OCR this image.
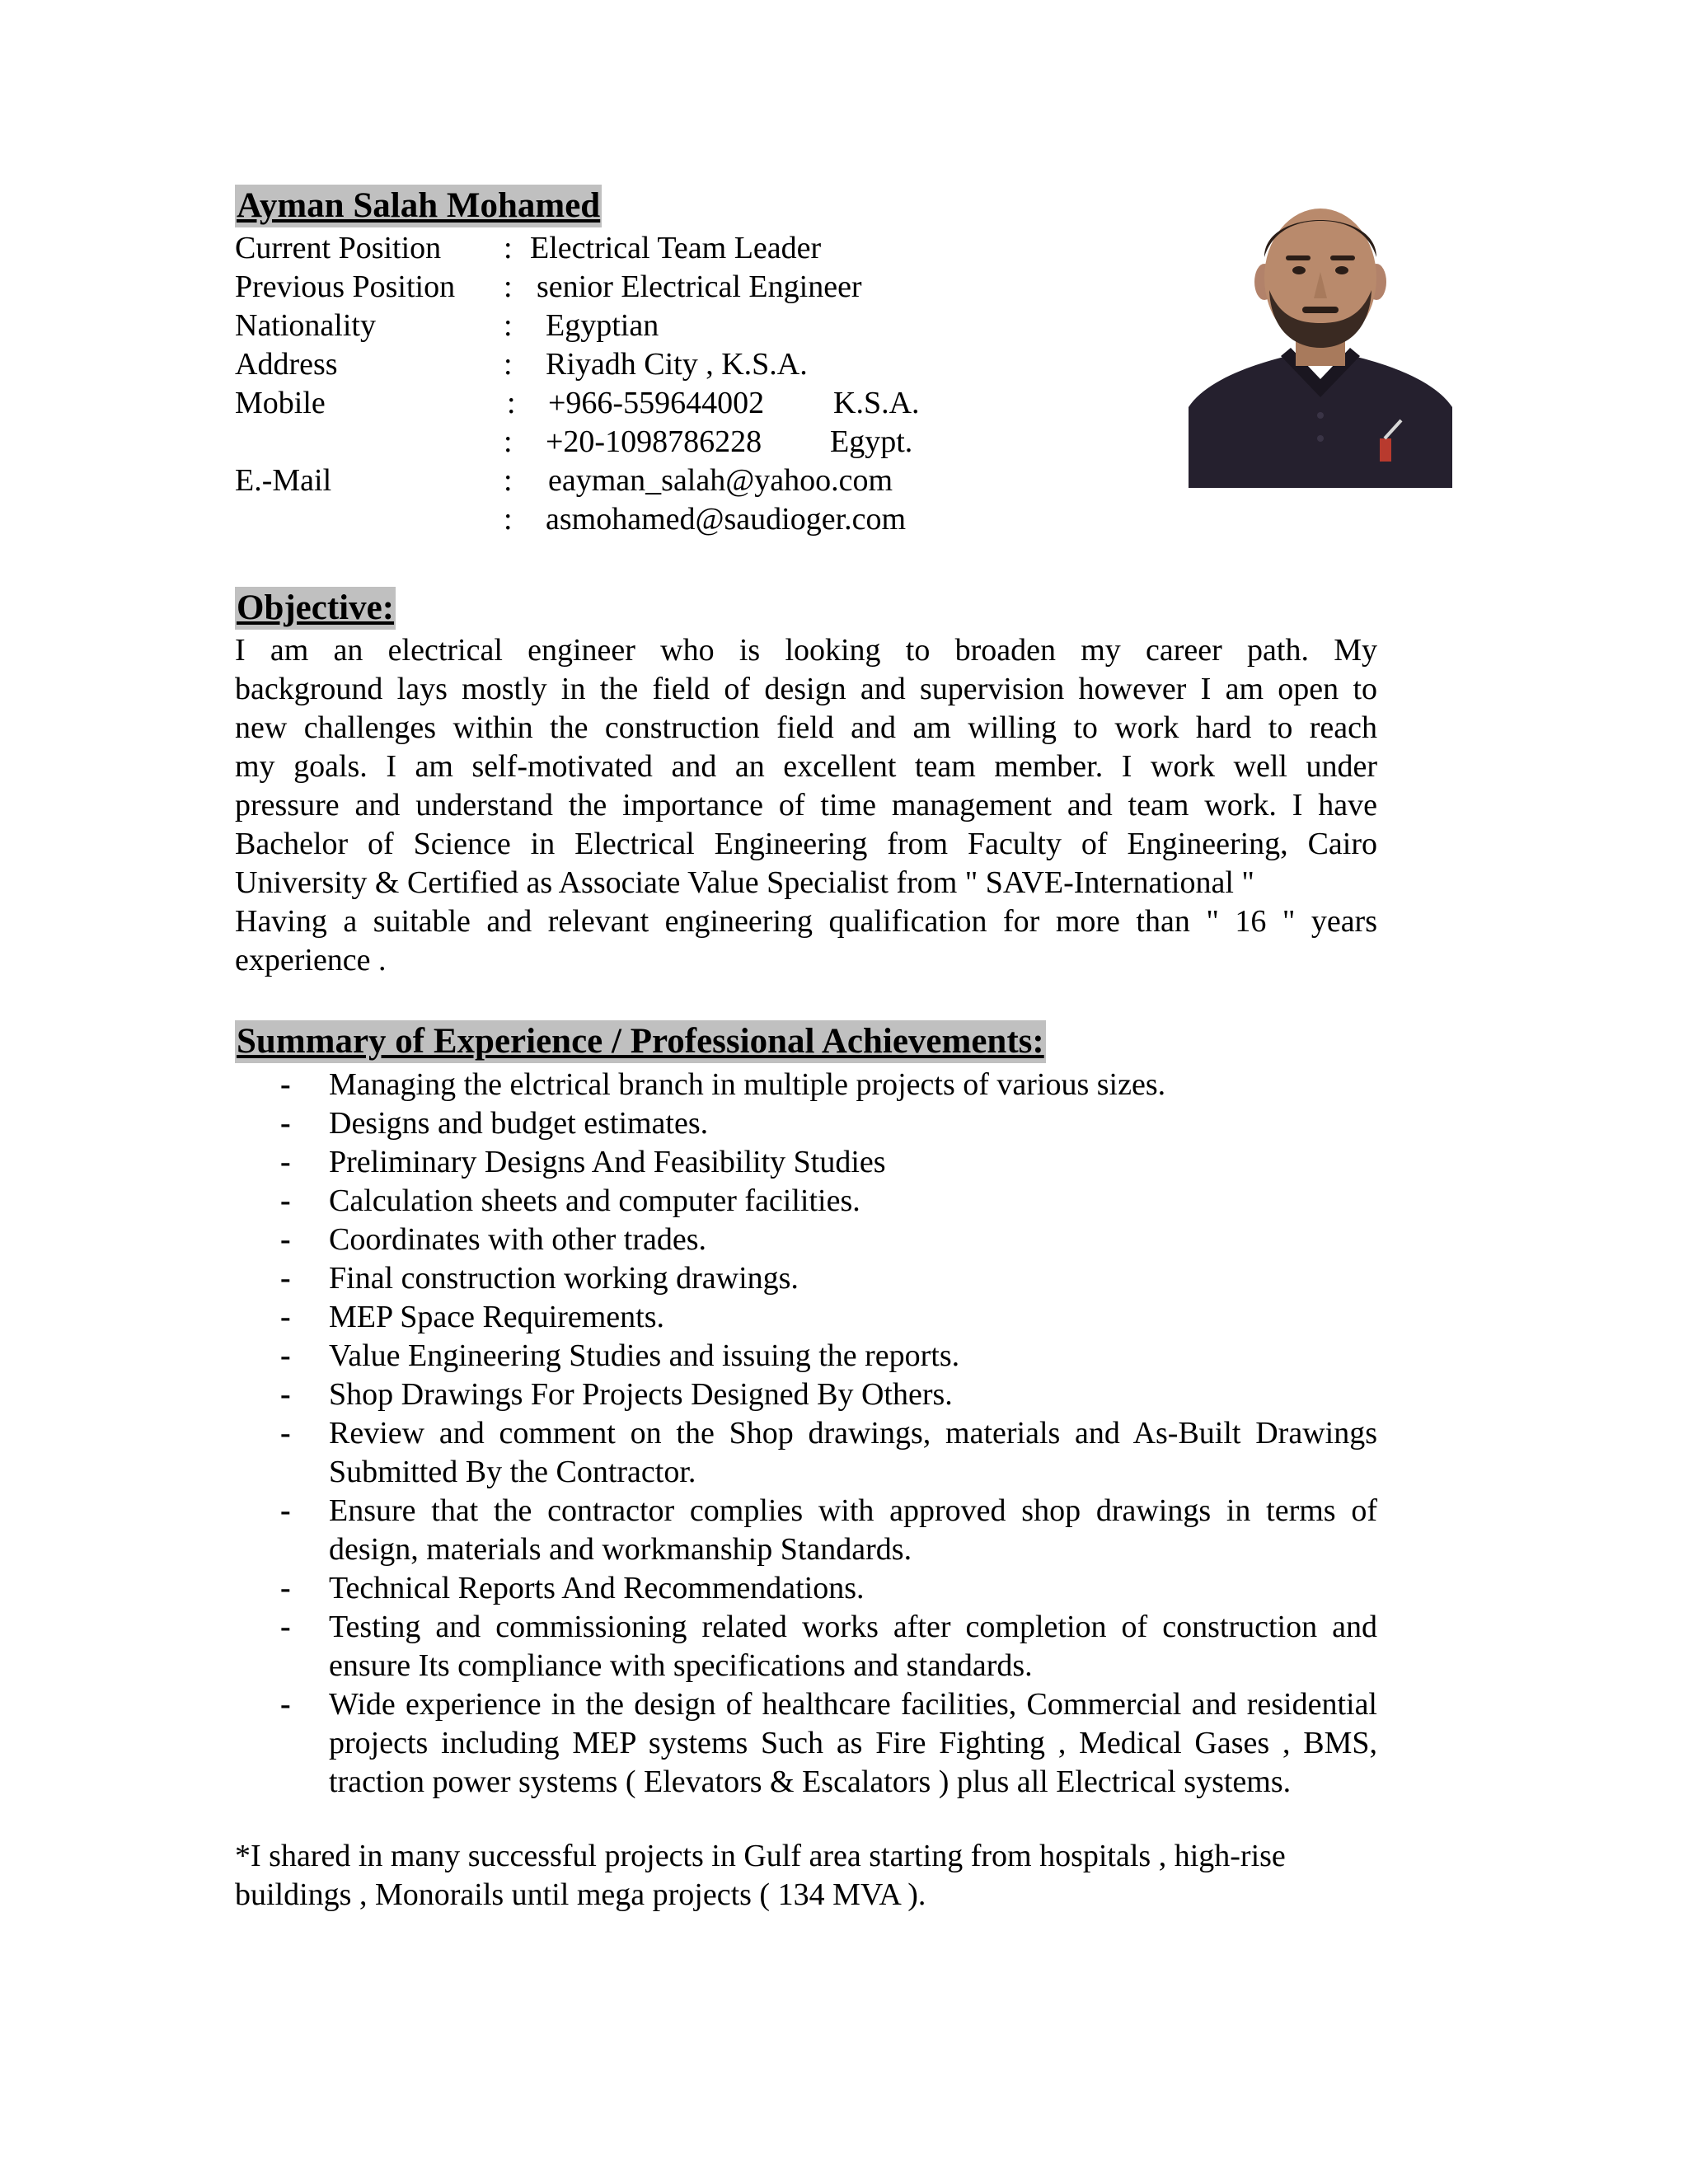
Ayman Salah Mohamed
Current Position : Electrical Team Leader
Previous Position : senior Electrical Engineer
Nationality	: Egyptian
Address	: Riyadh City , K.S.A.
Mobile	: +966-559644002 K.S.A.
: +20-1098786228 Egypt.
E.-Mail	: eayman_salah@yahoo.com
: asmohamed@saudioger.com
Objective:
I am an electrical engineer who is looking to broaden my career path. My
background lays mostly in the field of design and supervision however I am open to
new challenges within the construction field and am willing to work hard to reach
my goals. I am self-motivated and an excellent team member. I work well under
pressure and understand the importance of time management and team work. I have
Bachelor of Science in Electrical Engineering from Faculty of Engineering, Cairo
University & Certified as Associate Value Specialist from " SAVE-International "
Having a suitable and relevant engineering qualification for more than " 16 " years
experience .
Summary of Experience / Professional Achievements:
- Managing the elctrical branch in multiple projects of various sizes.
- Designs and budget estimates.
- Preliminary Designs And Feasibility Studies
- Calculation sheets and computer facilities.
- Coordinates with other trades.
- Final construction working drawings.
- MEP Space Requirements.
- Value Engineering Studies and issuing the reports.
- Shop Drawings For Projects Designed By Others.
- Review and comment on the Shop drawings, materials and As-Built Drawings Submitted By the Contractor.
- Ensure that the contractor complies with approved shop drawings in terms of design, materials and workmanship Standards.
- Technical Reports And Recommendations.
- Testing and commissioning related works after completion of construction and ensure Its compliance with specifications and standards.
- Wide experience in the design of healthcare facilities, Commercial and residential projects including MEP systems Such as Fire Fighting , Medical Gases , BMS, traction power systems ( Elevators & Escalators ) plus all Electrical systems.
*I shared in many successful projects in Gulf area starting from hospitals , high-rise buildings , Monorails until mega projects ( 134 MVA ).
